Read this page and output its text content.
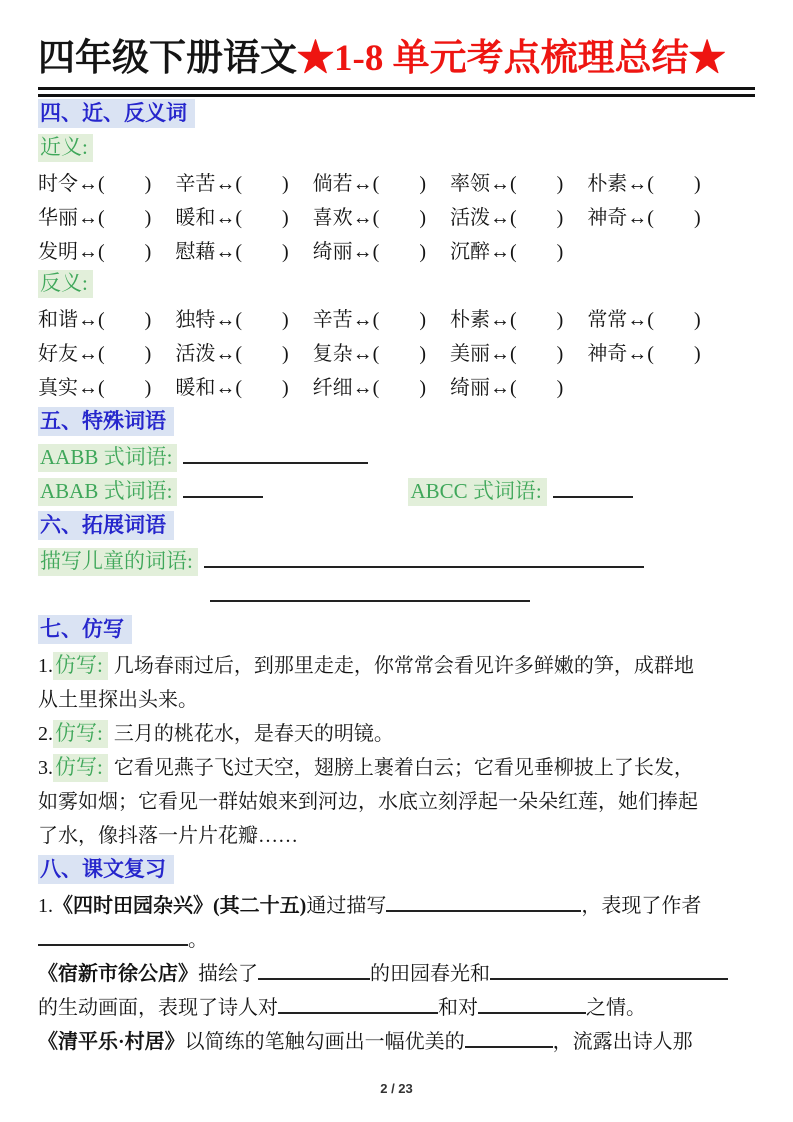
四年级下册语文★1-8 单元考点梳理总结★
四、近、反义词
近义:
时令↔(　　) 辛苦↔(　　) 倘若↔(　　) 率领↔(　　) 朴素↔(　　)
华丽↔(　　) 暖和↔(　　) 喜欢↔(　　) 活泼↔(　　) 神奇↔(　　)
发明↔(　　) 慰藉↔(　　) 绮丽↔(　　) 沉醉↔(　　)
反义:
和谐↔(　　) 独特↔(　　) 辛苦↔(　　) 朴素↔(　　) 常常↔(　　)
好友↔(　　) 活泼↔(　　) 复杂↔(　　) 美丽↔(　　) 神奇↔(　　)
真实↔(　　) 暖和↔(　　) 纤细↔(　　) 绮丽↔(　　)
五、特殊词语
AABB 式词语:
ABAB 式词语:	ABCC 式词语:
六、拓展词语
描写儿童的词语:
七、仿写
1.仿写: 几场春雨过后，到那里走走，你常常会看见许多鲜嫩的笋，成群地
从土里探出头来。
2.仿写: 三月的桃花水，是春天的明镜。
3.仿写: 它看见燕子飞过天空，翅膀上裹着白云；它看见垂柳披上了长发，
如雾如烟；它看见一群姑娘来到河边，水底立刻浮起一朵朵红莲，她们捧起
了水，像抖落一片片花瓣……
八、课文复习
1.《四时田园杂兴》(其二十五)通过描写	，表现了作者
。
《宿新市徐公店》描绘了	的田园春光和
的生动画面，表现了诗人对	和对	之情。
《清平乐·村居》以简练的笔触勾画出一幅优美的	，流露出诗人那
2 / 23
